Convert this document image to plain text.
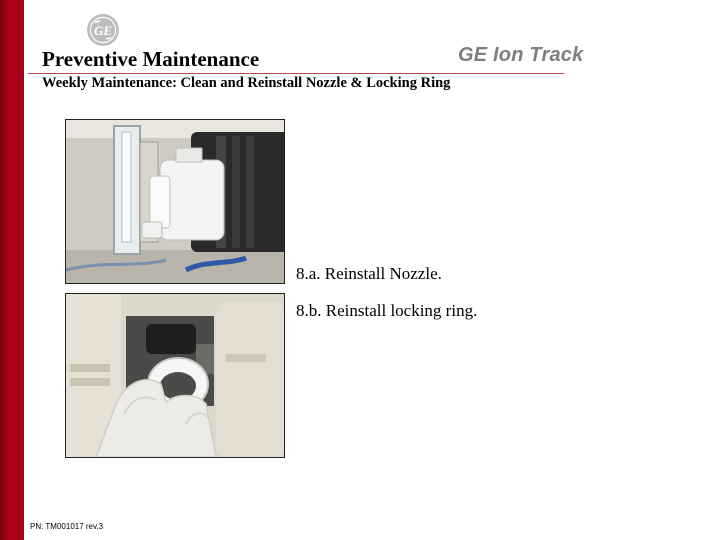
GE
Preventive Maintenance	GE Ion Track
Weekly Maintenance: Clean and Reinstall Nozzle & Locking Ring

8.a. Reinstall Nozzle.

8.b. Reinstall locking ring.

PN: TM001017 rev.3
